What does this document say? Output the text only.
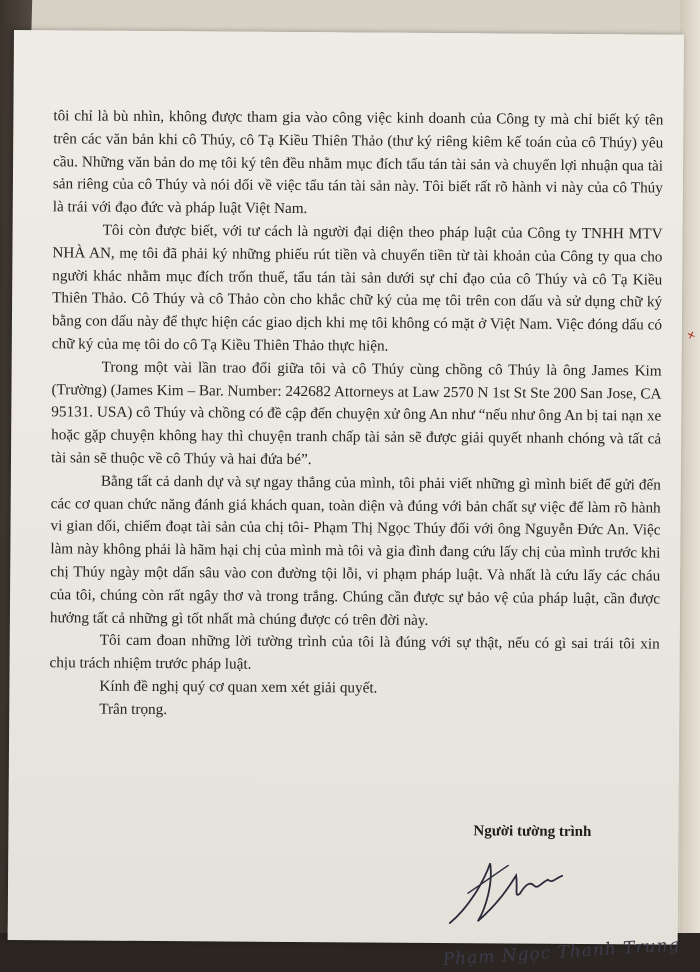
tôi chỉ là bù nhìn, không được tham gia vào công việc kinh doanh của Công ty mà chỉ biết ký tên trên các văn bản khi cô Thúy, cô Tạ Kiều Thiên Thảo (thư ký riêng kiêm kế toán của cô Thúy) yêu cầu. Những văn bản do mẹ tôi ký tên đều nhằm mục đích tẩu tán tài sản và chuyển lợi nhuận qua tài sản riêng của cô Thúy và nói dối về việc tẩu tán tài sản này. Tôi biết rất rõ hành vi này của cô Thúy là trái với đạo đức và pháp luật Việt Nam.

Tôi còn được biết, với tư cách là người đại diện theo pháp luật của Công ty TNHH MTV NHÀ AN, mẹ tôi đã phải ký những phiếu rút tiền và chuyển tiền từ tài khoản của Công ty qua cho người khác nhằm mục đích trốn thuế, tẩu tán tài sản dưới sự chỉ đạo của cô Thúy và cô Tạ Kiều Thiên Thảo. Cô Thúy và cô Thảo còn cho khắc chữ ký của mẹ tôi trên con dấu và sử dụng chữ ký bằng con dấu này để thực hiện các giao dịch khi mẹ tôi không có mặt ở Việt Nam. Việc đóng dấu có chữ ký của mẹ tôi do cô Tạ Kiều Thiên Thảo thực hiện.

Trong một vài lần trao đổi giữa tôi và cô Thúy cùng chồng cô Thúy là ông James Kim (Trường) (James Kim – Bar. Number: 242682 Attorneys at Law 2570 N 1st St Ste 200 San Jose, CA 95131. USA) cô Thúy và chồng có đề cập đến chuyện xử ông An như “nếu như ông An bị tai nạn xe hoặc gặp chuyện không hay thì chuyện tranh chấp tài sản sẽ được giải quyết nhanh chóng và tất cả tài sản sẽ thuộc về cô Thúy và hai đứa bé”.

Bằng tất cả danh dự và sự ngay thẳng của mình, tôi phải viết những gì mình biết để gửi đến các cơ quan chức năng đánh giá khách quan, toàn diện và đúng với bản chất sự việc để làm rõ hành vi gian dối, chiếm đoạt tài sản của chị tôi- Phạm Thị Ngọc Thúy đối với ông Nguyễn Đức An. Việc làm này không phải là hãm hại chị của mình mà tôi và gia đình đang cứu lấy chị của mình trước khi chị Thúy ngày một dấn sâu vào con đường tội lỗi, vi phạm pháp luật. Và nhất là cứu lấy các cháu của tôi, chúng còn rất ngây thơ và trong trắng. Chúng cần được sự bảo vệ của pháp luật, cần được hưởng tất cả những gì tốt nhất mà chúng được có trên đời này.

Tôi cam đoan những lời tường trình của tôi là đúng với sự thật, nếu có gì sai trái tôi xin chịu trách nhiệm trước pháp luật.

Kính đề nghị quý cơ quan xem xét giải quyết.

Trân trọng.

Người tường trình
Phạm Ngọc Thanh Trung
✕
